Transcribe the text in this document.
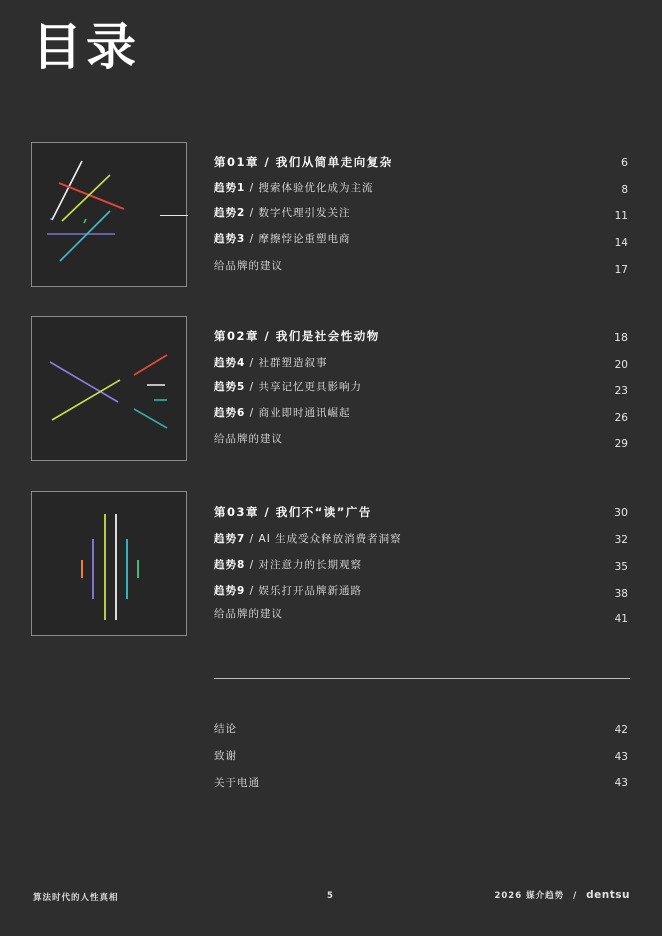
目录
第01章 / 我们从简单走向复杂	6
趋势1 / 搜索体验优化成为主流	8
趋势2 / 数字代理引发关注	11
趋势3 / 摩擦悖论重塑电商	14
给品牌的建议	17
第02章 / 我们是社会性动物	18
趋势4 / 社群塑造叙事	20
趋势5 / 共享记忆更具影响力	23
趋势6 / 商业即时通讯崛起	26
给品牌的建议	29
第03章 / 我们不“读”广告	30
趋势7 / AI 生成受众释放消费者洞察	32
趋势8 / 对注意力的长期观察	35
趋势9 / 娱乐打开品牌新通路	38
给品牌的建议	41
结论	42
致谢	43
关于电通	43
算法时代的人性真相	5	2026 媒介趋势 / dentsu
